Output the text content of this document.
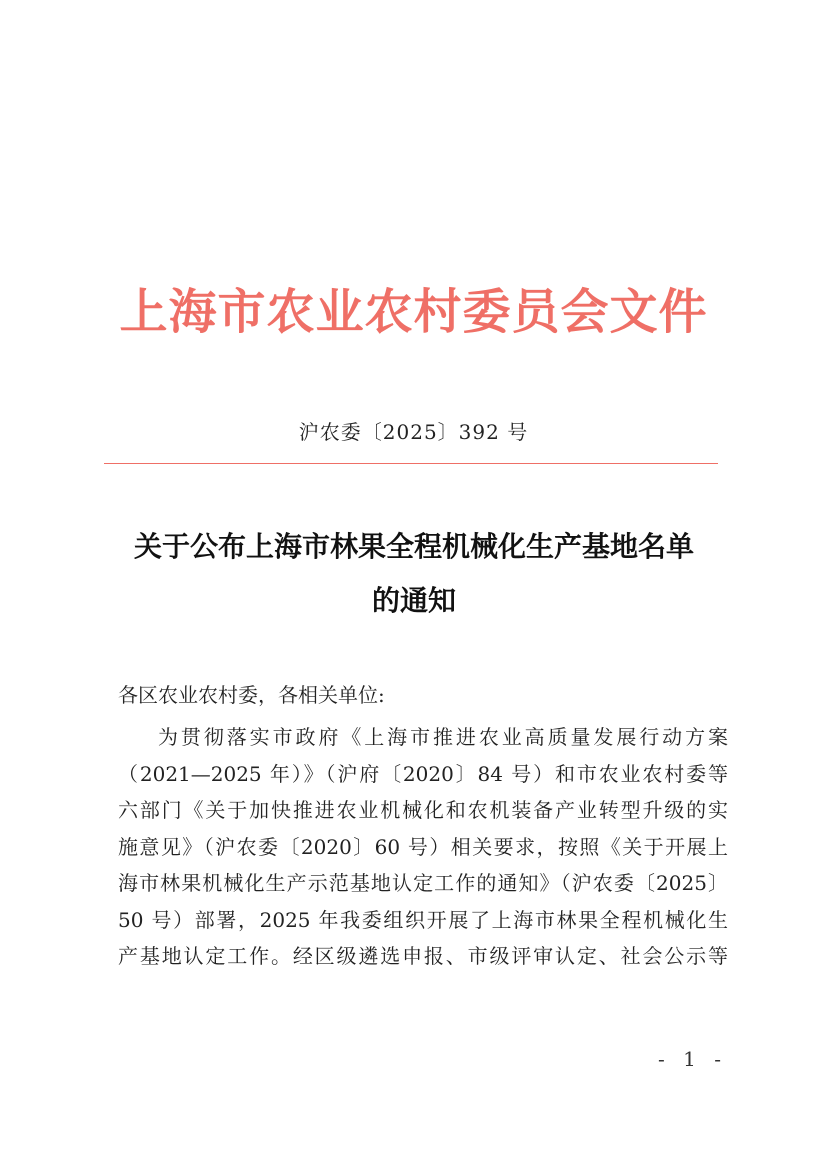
上海市农业农村委员会文件
沪农委〔2025〕392 号
关于公布上海市林果全程机械化生产基地名单
的通知
各区农业农村委，各相关单位:
为贯彻落实市政府《上海市推进农业高质量发展行动方案
（2021—2025 年）》（沪府〔2020〕84 号）和市农业农村委等
六部门《关于加快推进农业机械化和农机装备产业转型升级的实
施意见》（沪农委〔2020〕60 号）相关要求，按照《关于开展上
海市林果机械化生产示范基地认定工作的通知》（沪农委〔2025〕
50 号）部署，2025 年我委组织开展了上海市林果全程机械化生
产基地认定工作。经区级遴选申报、市级评审认定、社会公示等
- 1 -
